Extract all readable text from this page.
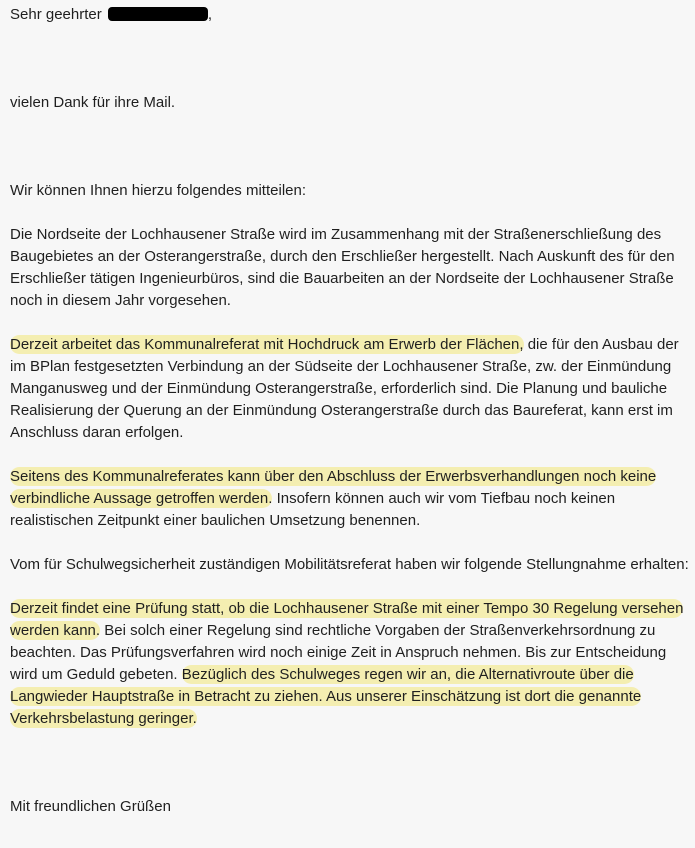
Sehr geehrter	,

vielen Dank für ihre Mail.

Wir können Ihnen hierzu folgendes mitteilen:

Die Nordseite der Lochhausener Straße wird im Zusammenhang mit der Straßenerschließung des Baugebietes an der Osterangerstraße, durch den Erschließer hergestellt. Nach Auskunft des für den Erschließer tätigen Ingenieurbüros, sind die Bauarbeiten an der Nordseite der Lochhausener Straße noch in diesem Jahr vorgesehen.

Derzeit arbeitet das Kommunalreferat mit Hochdruck am Erwerb der Flächen, die für den Ausbau der im BPlan festgesetzten Verbindung an der Südseite der Lochhausener Straße, zw. der Einmündung Manganusweg und der Einmündung Osterangerstraße, erforderlich sind. Die Planung und bauliche Realisierung der Querung an der Einmündung Osterangerstraße durch das Baureferat, kann erst im Anschluss daran erfolgen.

Seitens des Kommunalreferates kann über den Abschluss der Erwerbsverhandlungen noch keine verbindliche Aussage getroffen werden. Insofern können auch wir vom Tiefbau noch keinen realistischen Zeitpunkt einer baulichen Umsetzung benennen.

Vom für Schulwegsicherheit zuständigen Mobilitätsreferat haben wir folgende Stellungnahme erhalten:

Derzeit findet eine Prüfung statt, ob die Lochhausener Straße mit einer Tempo 30 Regelung versehen werden kann. Bei solch einer Regelung sind rechtliche Vorgaben der Straßenverkehrsordnung zu beachten. Das Prüfungsverfahren wird noch einige Zeit in Anspruch nehmen. Bis zur Entscheidung wird um Geduld gebeten. Bezüglich des Schulweges regen wir an, die Alternativroute über die Langwieder Hauptstraße in Betracht zu ziehen. Aus unserer Einschätzung ist dort die genannte Verkehrsbelastung geringer.

Mit freundlichen Grüßen
